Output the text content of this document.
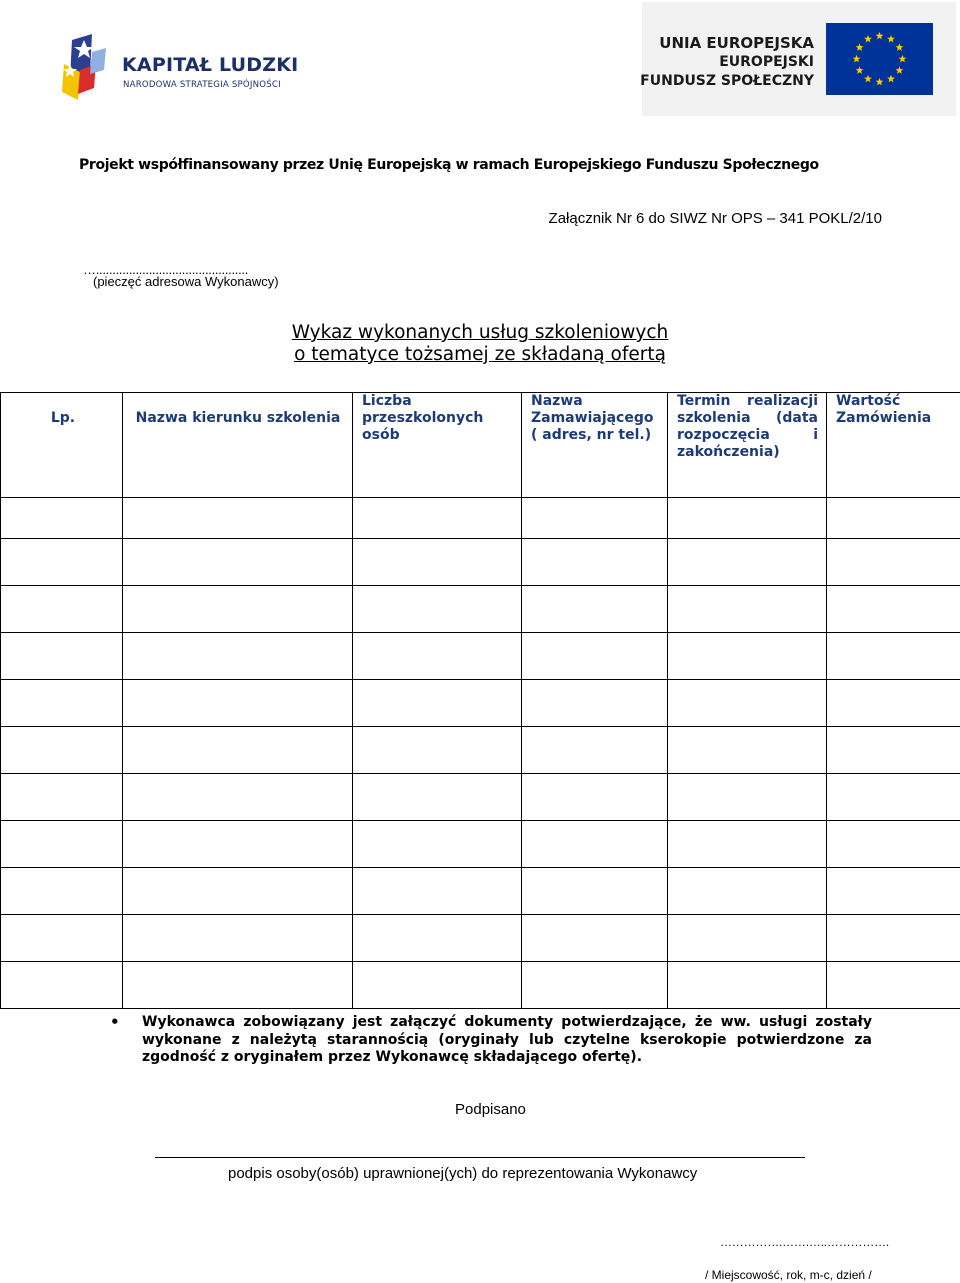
KAPITAŁ LUDZKI
NARODOWA STRATEGIA SPÓJNOŚCI
UNIA EUROPEJSKA
EUROPEJSKI
FUNDUSZ SPOŁECZNY
Projekt współfinansowany przez Unię Europejską w ramach Europejskiego Funduszu Społecznego
Załącznik Nr 6 do SIWZ Nr OPS – 341 POKL/2/10
…..............................................
(pieczęć adresowa Wykonawcy)
Wykaz wykonanych usług szkoleniowych
o tematyce tożsamej ze składaną ofertą
Lp.	Nazwa kierunku szkolenia	Liczba przeszkolonych osób	Nazwa Zamawiającego ( adres, nr tel.)	Termin realizacji szkolenia (data rozpoczęcia i zakończenia)	Wartość Zamówienia

• Wykonawca zobowiązany jest załączyć dokumenty potwierdzające, że ww. usługi zostały wykonane z należytą starannością (oryginały lub czytelne kserokopie potwierdzone za zgodność z oryginałem przez Wykonawcę składającego ofertę).
Podpisano
podpis osoby(osób) uprawnionej(ych) do reprezentowania Wykonawcy
…………….…….…..…………….
/ Miejscowość, rok, m-c, dzień /
